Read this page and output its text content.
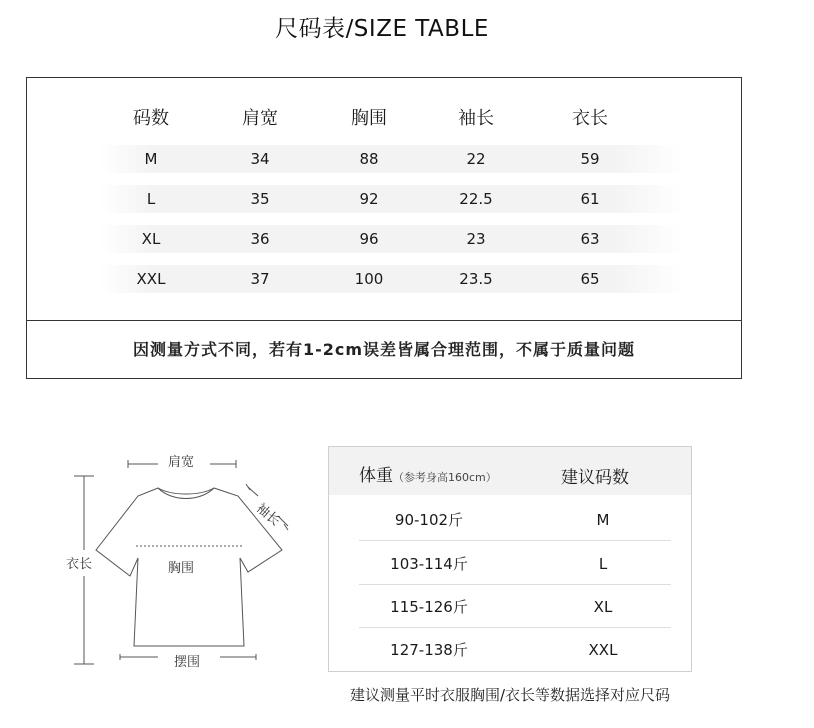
尺码表/SIZE TABLE
码数	肩宽	胸围	袖长	衣长
M	34	88	22	59
L	35	92	22.5	61
XL	36	96	23	63
XXL	37	100	23.5	65
因测量方式不同，若有1-2cm误差皆属合理范围，不属于质量问题
肩宽
袖长
衣长	胸围
摆围
体重（参考身高160cm）	建议码数
90-102斤	M
103-114斤	L
115-126斤	XL
127-138斤	XXL
建议测量平时衣服胸围/衣长等数据选择对应尺码
